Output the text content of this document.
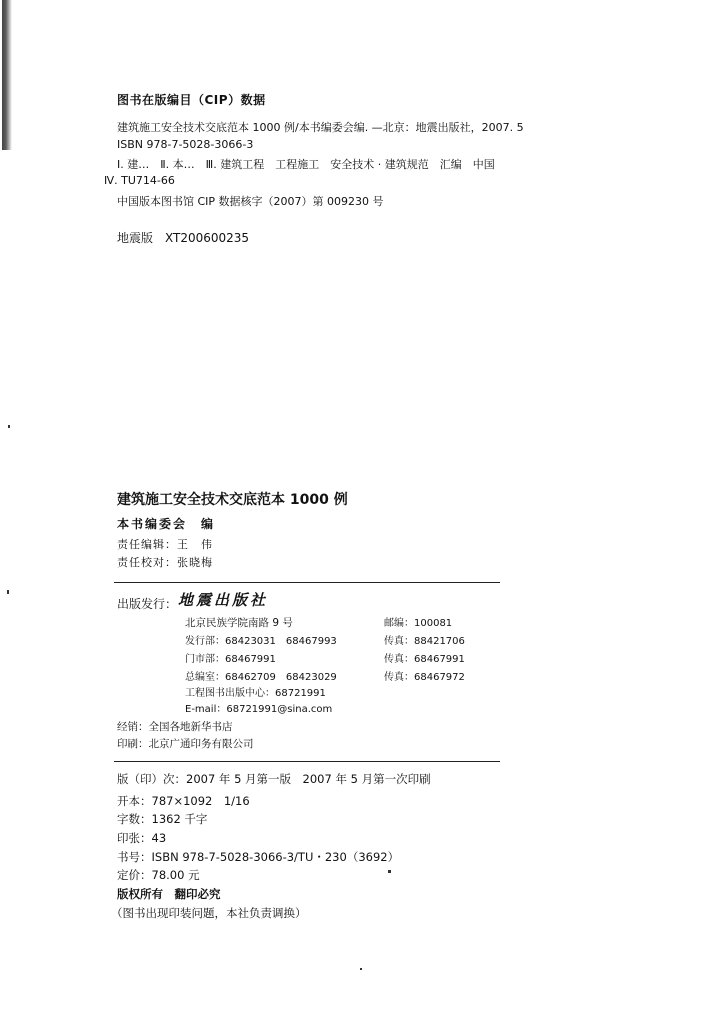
图书在版编目（CIP）数据
建筑施工安全技术交底范本 1000 例/本书编委会编. —北京：地震出版社，2007. 5
ISBN 978-7-5028-3066-3
Ⅰ. 建…　Ⅱ. 本…　Ⅲ. 建筑工程　工程施工　安全技术 · 建筑规范　汇编　中国
Ⅳ. TU714-66
中国版本图书馆 CIP 数据核字（2007）第 009230 号
地震版　XT200600235
建筑施工安全技术交底范本 1000 例
本书编委会　编
责任编辑：王　伟
责任校对：张晓梅
出版发行： 地震出版社
北京民族学院南路 9 号
发行部：68423031　68467993
门市部：68467991
总编室：68462709　68423029
工程图书出版中心：68721991
E-mail：68721991@sina.com
邮编：100081
传真：88421706
传真：68467991
传真：68467972
经销：全国各地新华书店
印刷：北京广通印务有限公司
版（印）次：2007 年 5 月第一版　2007 年 5 月第一次印刷
开本：787×1092　1/16
字数：1362 千字
印张：43
书号：ISBN 978-7-5028-3066-3/TU・230（3692）
定价：78.00 元
版权所有　翻印必究
（图书出现印装问题，本社负责调换）
